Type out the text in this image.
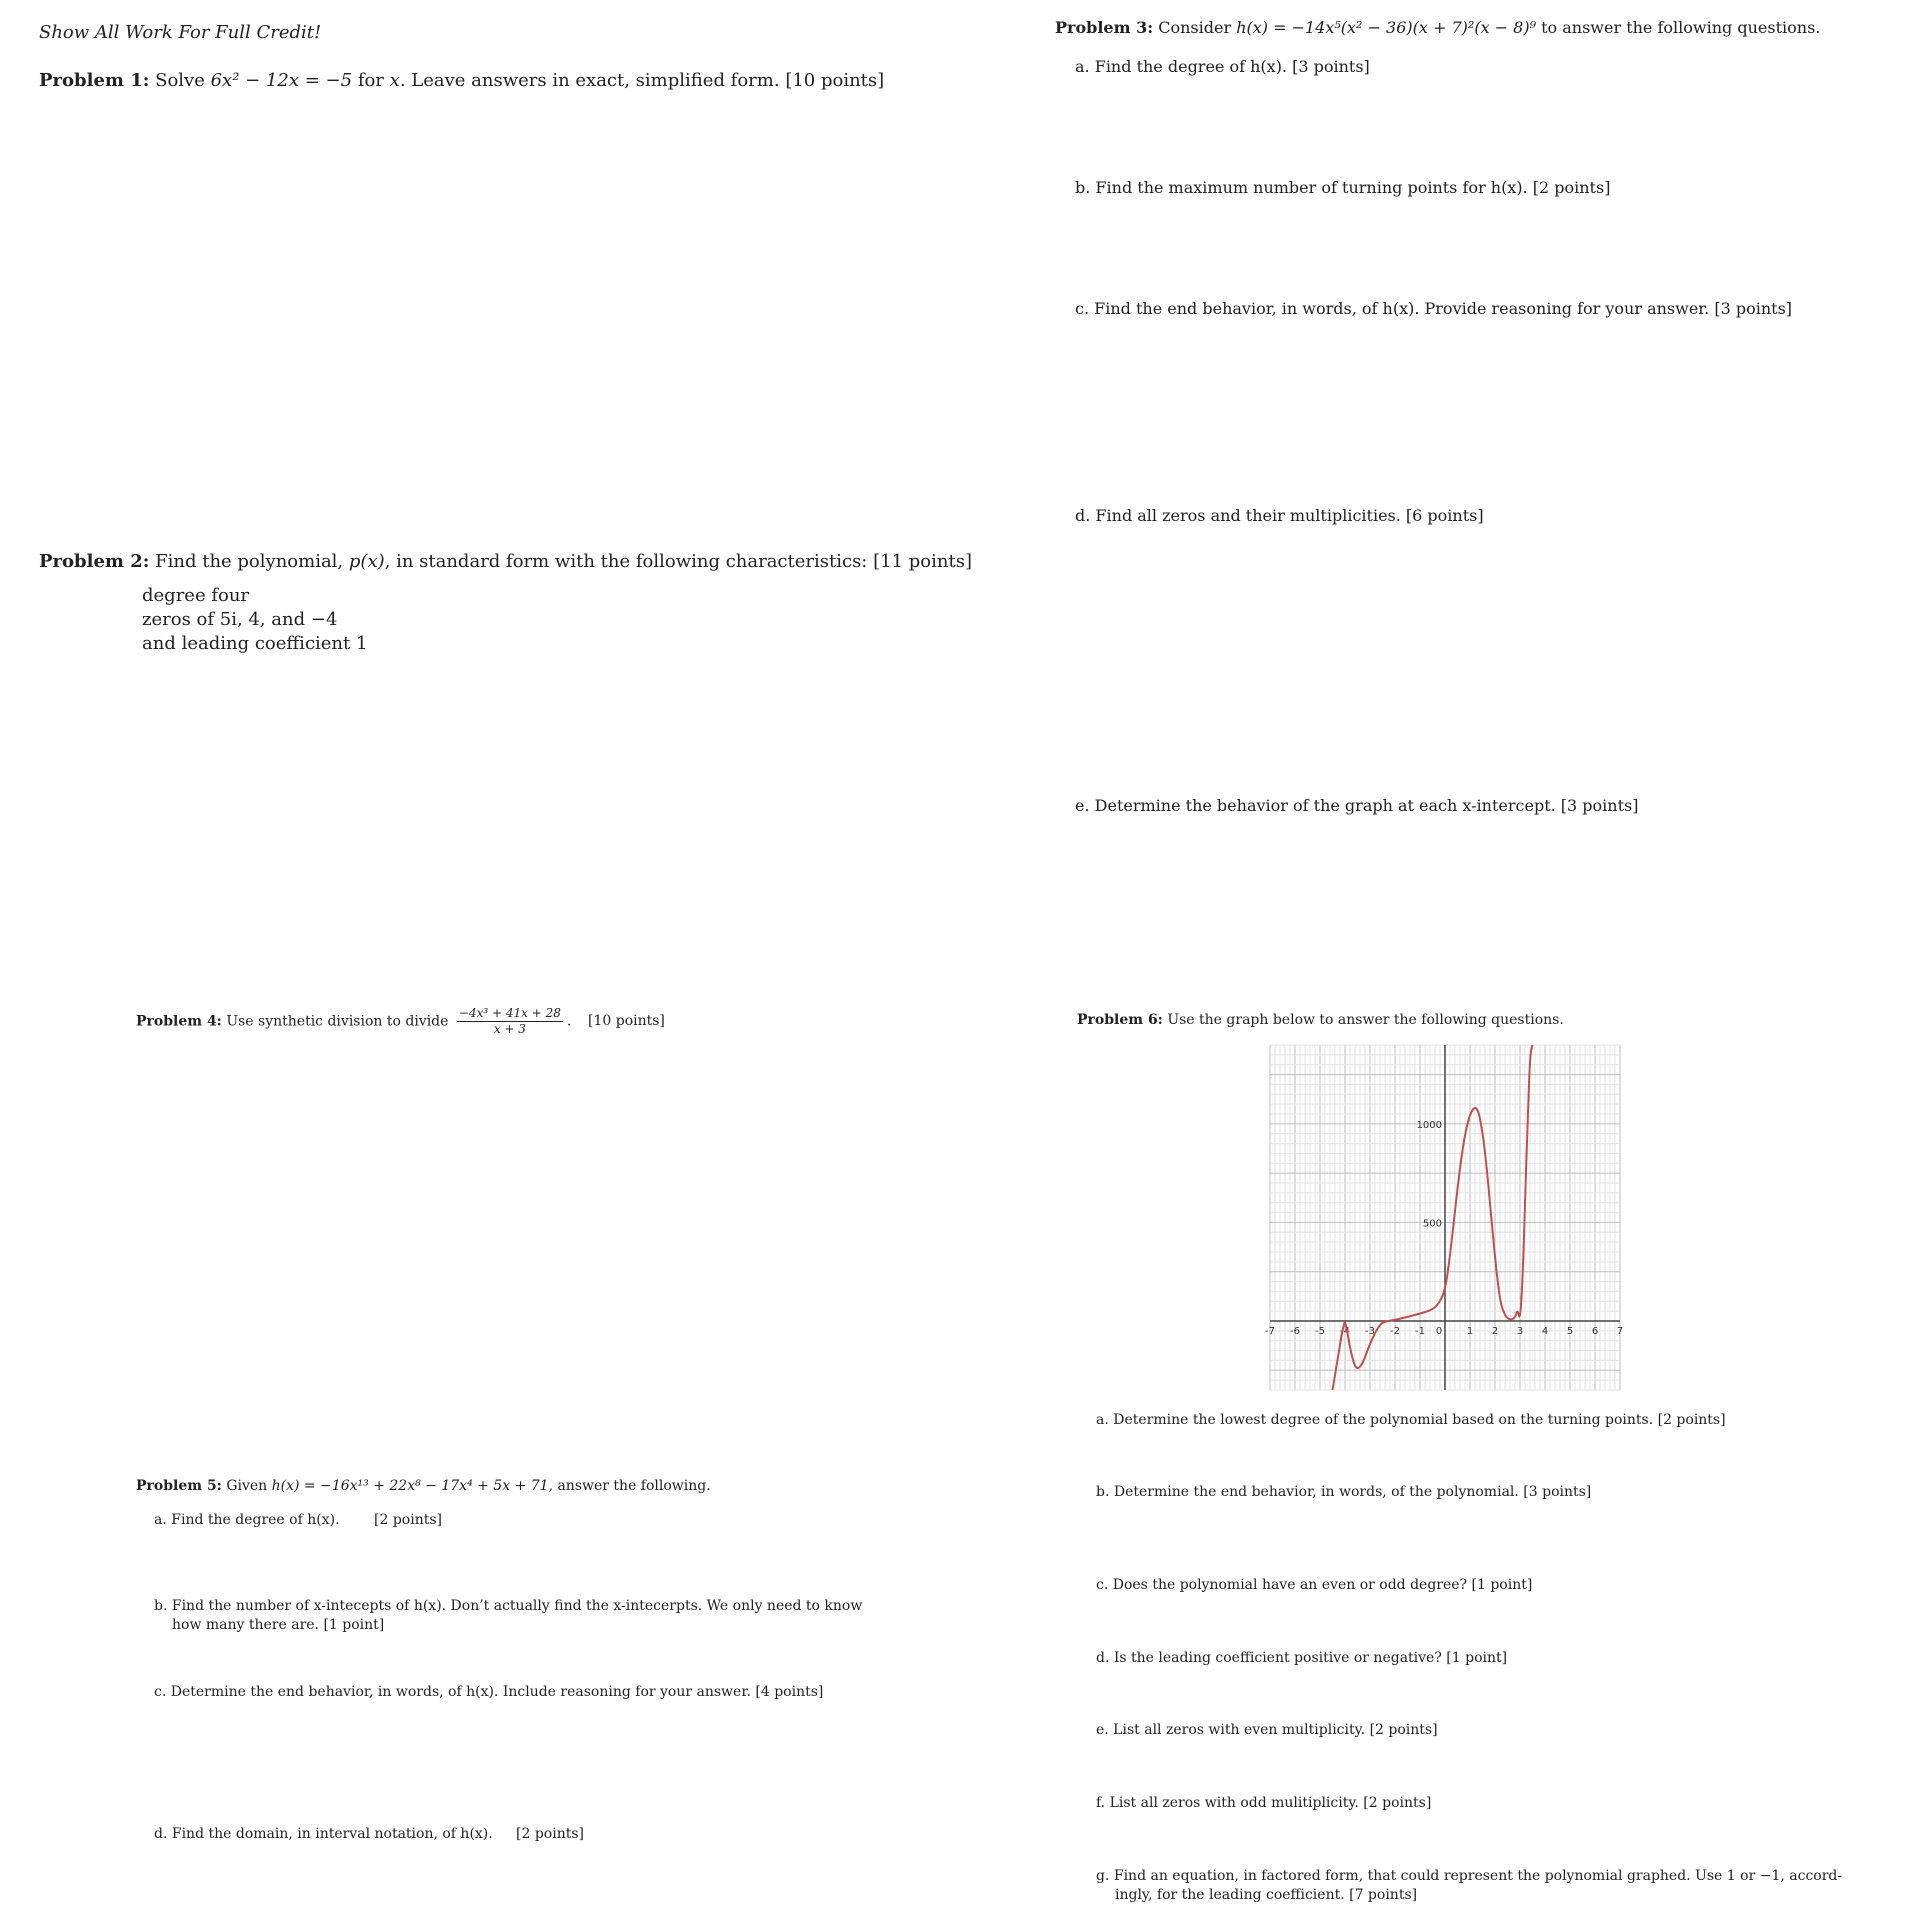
Show All Work For Full Credit!
Problem 1: Solve 6x² − 12x = −5 for x. Leave answers in exact, simplified form. [10 points]
Problem 2: Find the polynomial, p(x), in standard form with the following characteristics: [11 points]
degree four
zeros of 5i, 4, and −4
and leading coefficient 1
Problem 3: Consider h(x) = −14x⁵(x² − 36)(x + 7)²(x − 8)⁹ to answer the following questions.
a. Find the degree of h(x). [3 points]
b. Find the maximum number of turning points for h(x). [2 points]
c. Find the end behavior, in words, of h(x). Provide reasoning for your answer. [3 points]
d. Find all zeros and their multiplicities. [6 points]
e. Determine the behavior of the graph at each x-intercept. [3 points]
Problem 4: Use synthetic division to divide $\frac{\text{−4x³ + 41x + 28}}{x + 3}$ . [10 points]
Problem 5: Given h(x) = −16x¹³ + 22x⁸ − 17x⁴ + 5x + 71, answer the following.
a. Find the degree of h(x). [2 points]
b. Find the number of x-intecepts of h(x). Don’t actually find the x-intecerpts. We only need to know
how many there are. [1 point]
c. Determine the end behavior, in words, of h(x). Include reasoning for your answer. [4 points]
d. Find the domain, in interval notation, of h(x). [2 points]
Problem 6: Use the graph below to answer the following questions.
-7 -6 -5 -4 -3 -2 -1 0 1 2 3 4 5 6 7
500
1000
a. Determine the lowest degree of the polynomial based on the turning points. [2 points]
b. Determine the end behavior, in words, of the polynomial. [3 points]
c. Does the polynomial have an even or odd degree? [1 point]
d. Is the leading coefficient positive or negative? [1 point]
e. List all zeros with even multiplicity. [2 points]
f. List all zeros with odd mulitiplicity. [2 points]
g. Find an equation, in factored form, that could represent the polynomial graphed. Use 1 or −1, accord-
ingly, for the leading coefficient. [7 points]
